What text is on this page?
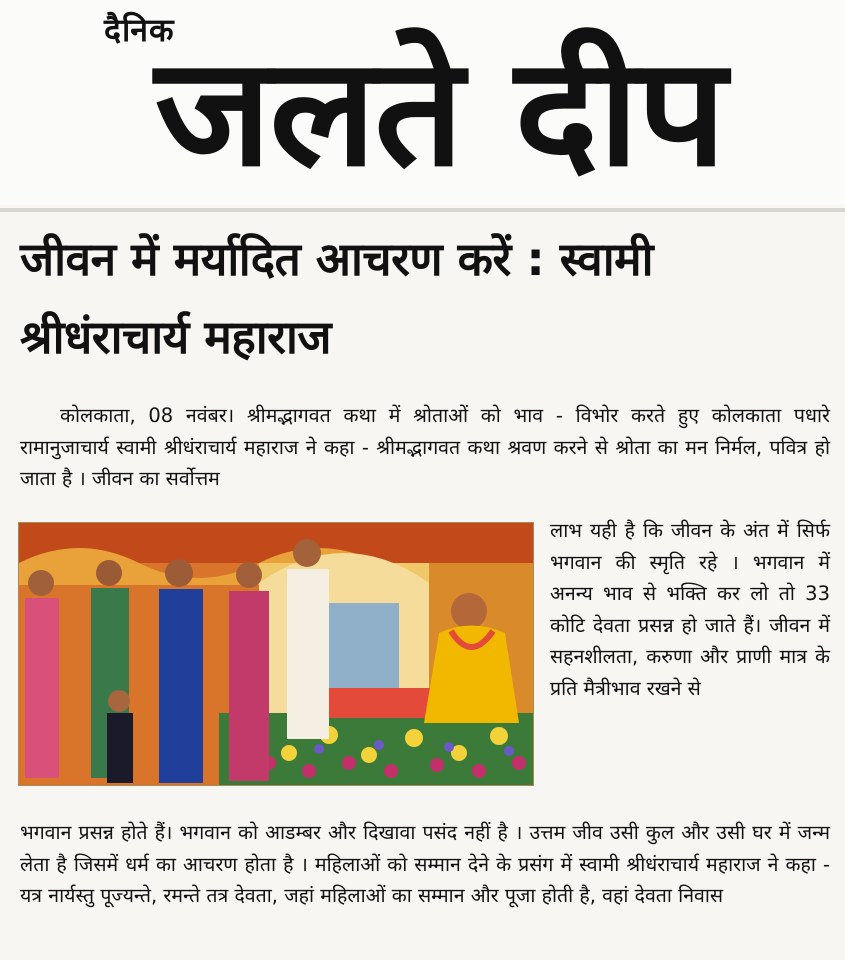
दैनिक
जलते दीप
जीवन में मर्यादित आचरण करें : स्वामी श्रीधंराचार्य महाराज
कोलकाता, 08 नवंबर। श्रीमद्भागवत कथा में श्रोताओं को भाव - विभोर करते हुए कोलकाता पधारे रामानुजाचार्य स्वामी श्रीधंराचार्य महाराज ने कहा - श्रीमद्भागवत कथा श्रवण करने से श्रोता का मन निर्मल, पवित्र हो जाता है । जीवन का सर्वोत्तम
लाभ यही है कि जीवन के अंत में सिर्फ भगवान की स्मृति रहे । भगवान में अनन्य भाव से भक्ति कर लो तो 33 कोटि देवता प्रसन्न हो जाते हैं। जीवन में सहनशीलता, करुणा और प्राणी मात्र के प्रति मैत्रीभाव रखने से
भगवान प्रसन्न होते हैं। भगवान को आडम्बर और दिखावा पसंद नहीं है । उत्तम जीव उसी कुल और उसी घर में जन्म लेता है जिसमें धर्म का आचरण होता है । महिलाओं को सम्मान देने के प्रसंग में स्वामी श्रीधंराचार्य महाराज ने कहा - यत्र नार्यस्तु पूज्यन्ते, रमन्ते तत्र देवता, जहां महिलाओं का सम्मान और पूजा होती है, वहां देवता निवास
